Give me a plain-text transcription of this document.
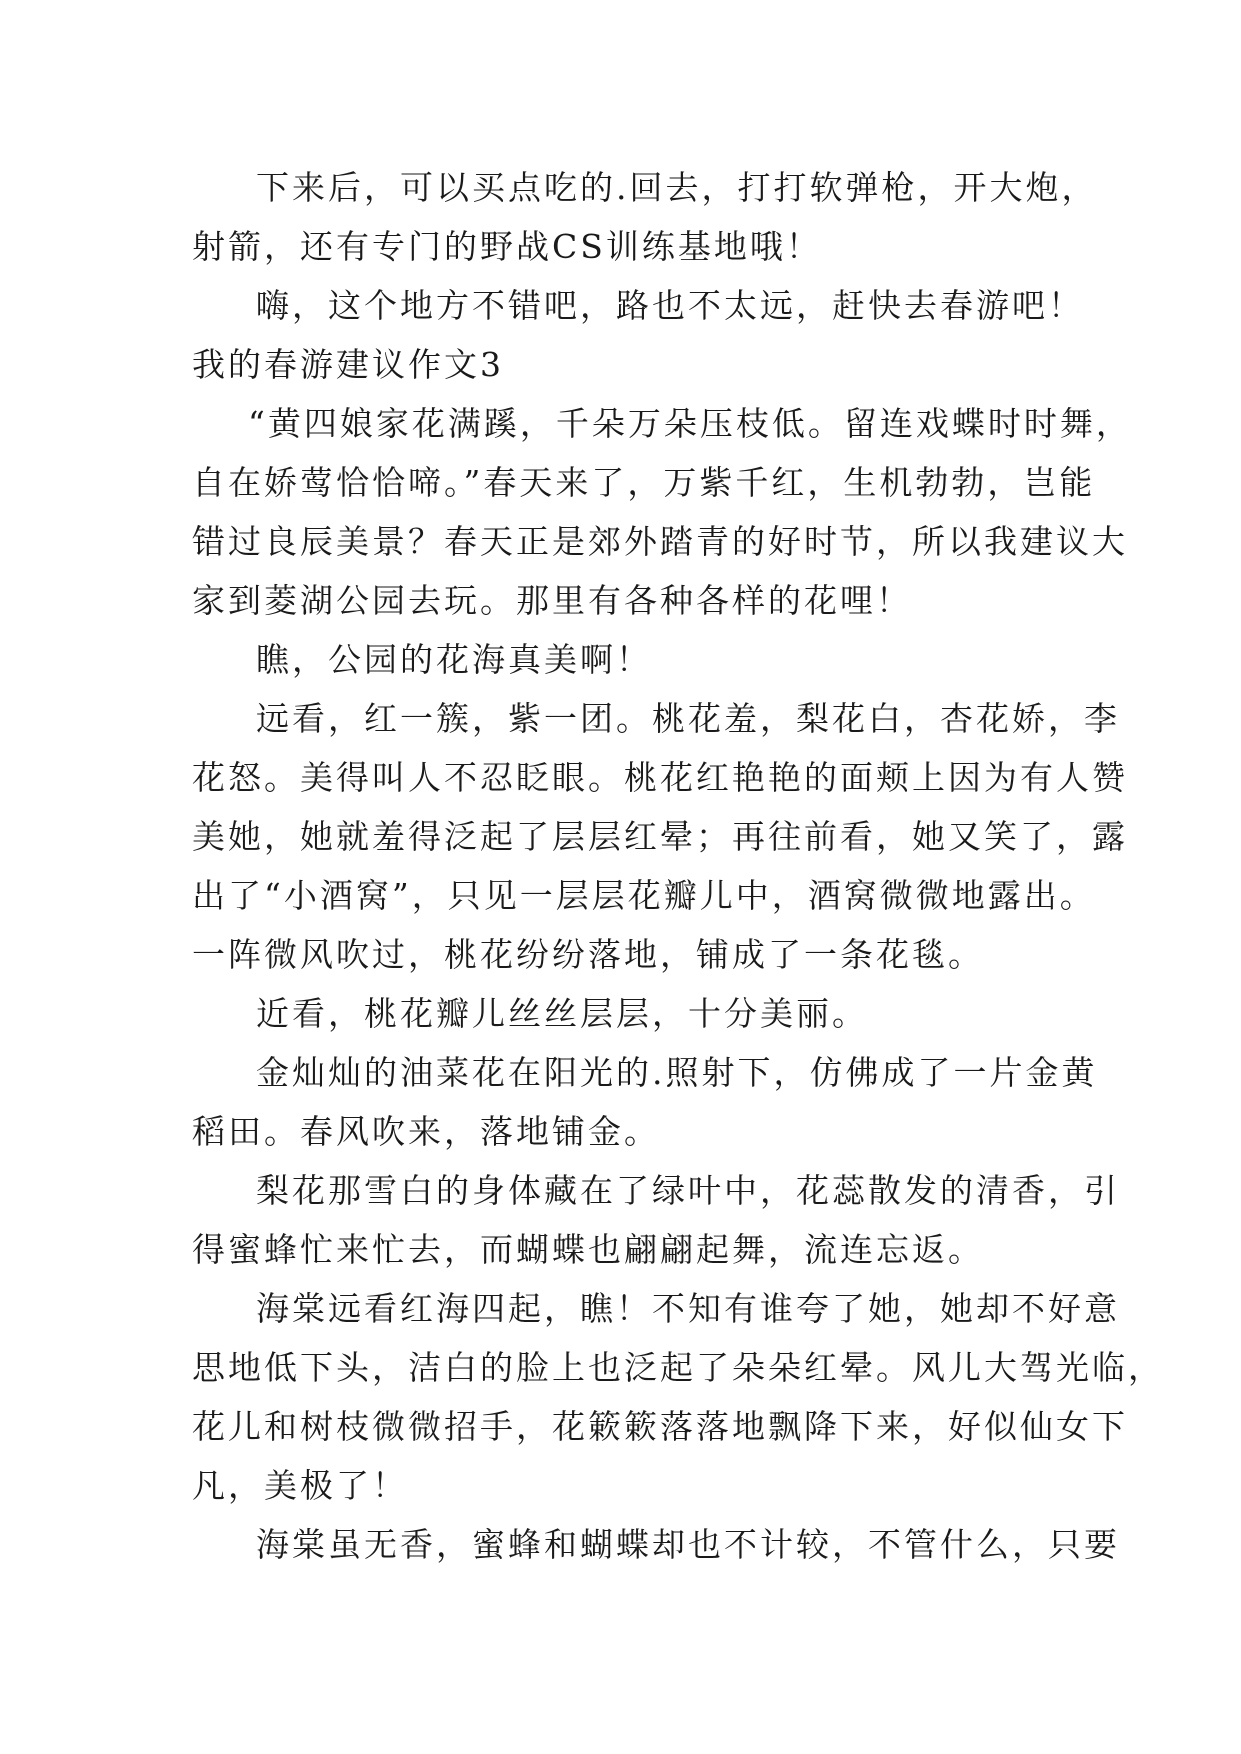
下来后，可以买点吃的.回去，打打软弹枪，开大炮，
射箭，还有专门的野战CS训练基地哦！
嗨，这个地方不错吧，路也不太远，赶快去春游吧！
我的春游建议作文3
“黄四娘家花满蹊，千朵万朵压枝低。留连戏蝶时时舞，
自在娇莺恰恰啼。”春天来了，万紫千红，生机勃勃，岂能
错过良辰美景？春天正是郊外踏青的好时节，所以我建议大
家到菱湖公园去玩。那里有各种各样的花哩！
瞧，公园的花海真美啊！
远看，红一簇，紫一团。桃花羞，梨花白，杏花娇，李
花怒。美得叫人不忍眨眼。桃花红艳艳的面颊上因为有人赞
美她，她就羞得泛起了层层红晕；再往前看，她又笑了，露
出了“小酒窝”，只见一层层花瓣儿中，酒窝微微地露出。
一阵微风吹过，桃花纷纷落地，铺成了一条花毯。
近看，桃花瓣儿丝丝层层，十分美丽。
金灿灿的油菜花在阳光的.照射下，仿佛成了一片金黄
稻田。春风吹来，落地铺金。
梨花那雪白的身体藏在了绿叶中，花蕊散发的清香，引
得蜜蜂忙来忙去，而蝴蝶也翩翩起舞，流连忘返。
海棠远看红海四起，瞧！不知有谁夸了她，她却不好意
思地低下头，洁白的脸上也泛起了朵朵红晕。风儿大驾光临，
花儿和树枝微微招手，花簌簌落落地飘降下来，好似仙女下
凡，美极了！
海棠虽无香，蜜蜂和蝴蝶却也不计较，不管什么，只要
